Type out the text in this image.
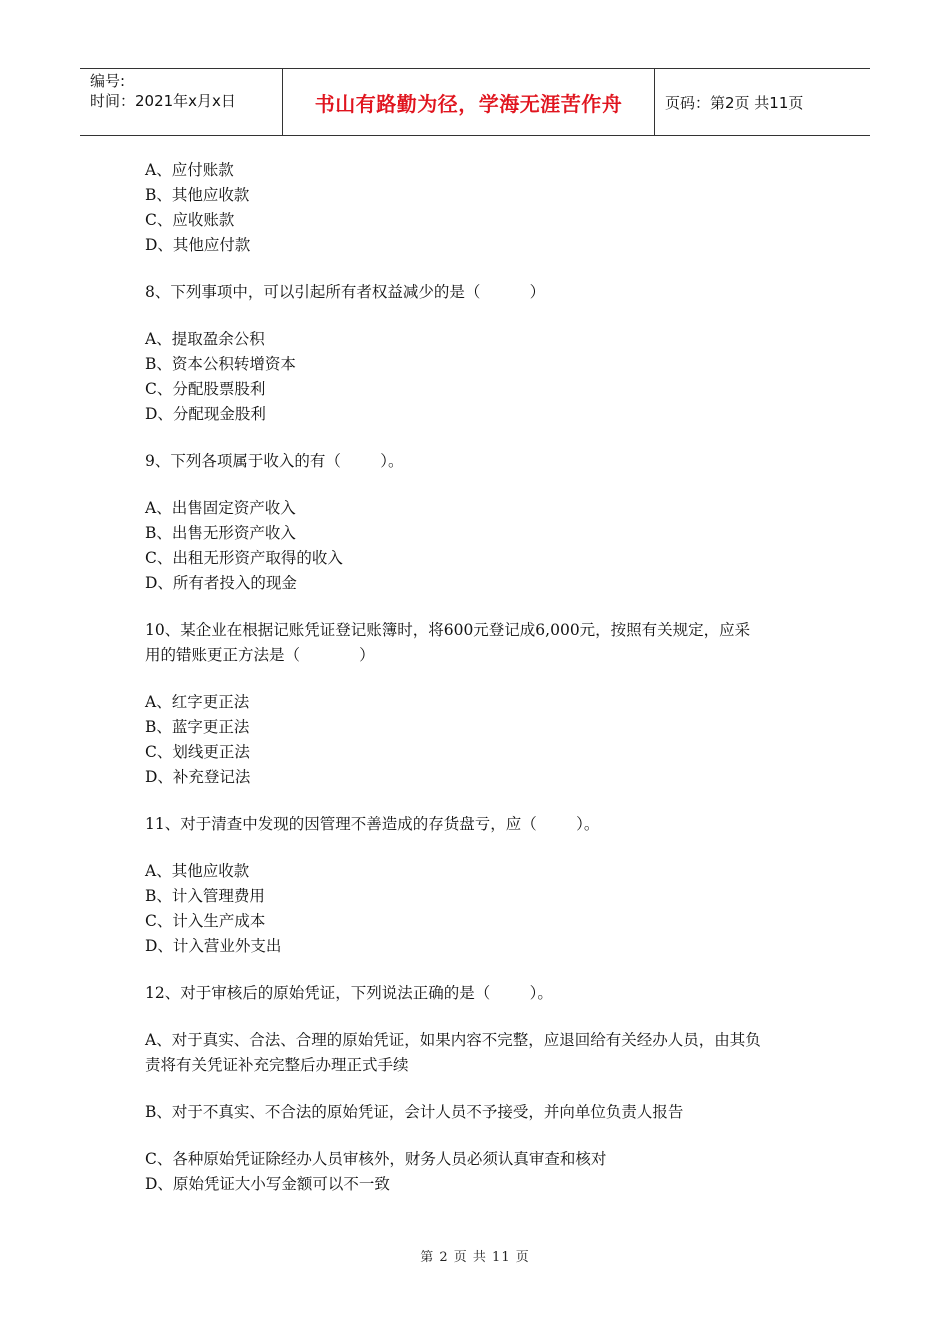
编号:
时间：2021年x月x日	书山有路勤为径，学海无涯苦作舟	页码：第2页 共11页
A、应付账款
B、其他应收款
C、应收账款
D、其他应付款
8、下列事项中，可以引起所有者权益减少的是（          ）
A、提取盈余公积
B、资本公积转增资本
C、分配股票股利
D、分配现金股利
9、下列各项属于收入的有（        ）。
A、出售固定资产收入
B、出售无形资产收入
C、出租无形资产取得的收入
D、所有者投入的现金
10、某企业在根据记账凭证登记账簿时，将600元登记成6,000元，按照有关规定，应采
用的错账更正方法是（            ）
A、红字更正法
B、蓝字更正法
C、划线更正法
D、补充登记法
11、对于清查中发现的因管理不善造成的存货盘亏，应（        ）。
A、其他应收款
B、计入管理费用
C、计入生产成本
D、计入营业外支出
12、对于审核后的原始凭证，下列说法正确的是（        ）。
A、对于真实、合法、合理的原始凭证，如果内容不完整，应退回给有关经办人员，由其负
责将有关凭证补充完整后办理正式手续
B、对于不真实、不合法的原始凭证，会计人员不予接受，并向单位负责人报告
C、各种原始凭证除经办人员审核外，财务人员必须认真审查和核对
D、原始凭证大小写金额可以不一致
第 2 页 共 11 页
